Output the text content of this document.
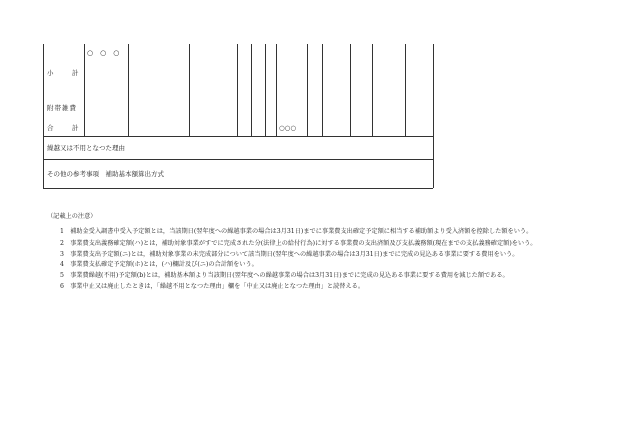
小　計
○　○　○
附帯雑費
合　計	○○○
繰越又は不用となつた理由
その他の参考事項　補助基本額算出方式
（記載上の注意）
1　補助金受入調書中受入予定額とは，当該期日(翌年度への繰越事業の場合は3月31日)までに事業費支出確定予定額に相当する補助額より受入済額を控除した額をいう。
2　事業費支出義務確定額(ハ)とは，補助対象事業がすでに完成された分(法律上の給付行為)に対する事業費の支出済額及び支払義務額(現在までの支払義務確定額)をいう。
3　事業費支出予定額(ニ)とは，補助対象事業の未完成部分について該当期日(翌年度への繰越事業の場合は3月31日)までに完成の見込ある事業に要する費用をいう。
4　事業費支払確定予定額(ホ)とは，(ハ)欄計及び(ニ)の合計額をいう。
5　事業費繰越(不用)予定額(b)とは，補助基本額より当該期日(翌年度への繰越事業の場合は3月31日)までに完成の見込ある事業に要する費用を減じた額である。
6　事業中止又は廃止したときは，「繰越不用となつた理由」欄を「中止又は廃止となつた理由」と読替える。
